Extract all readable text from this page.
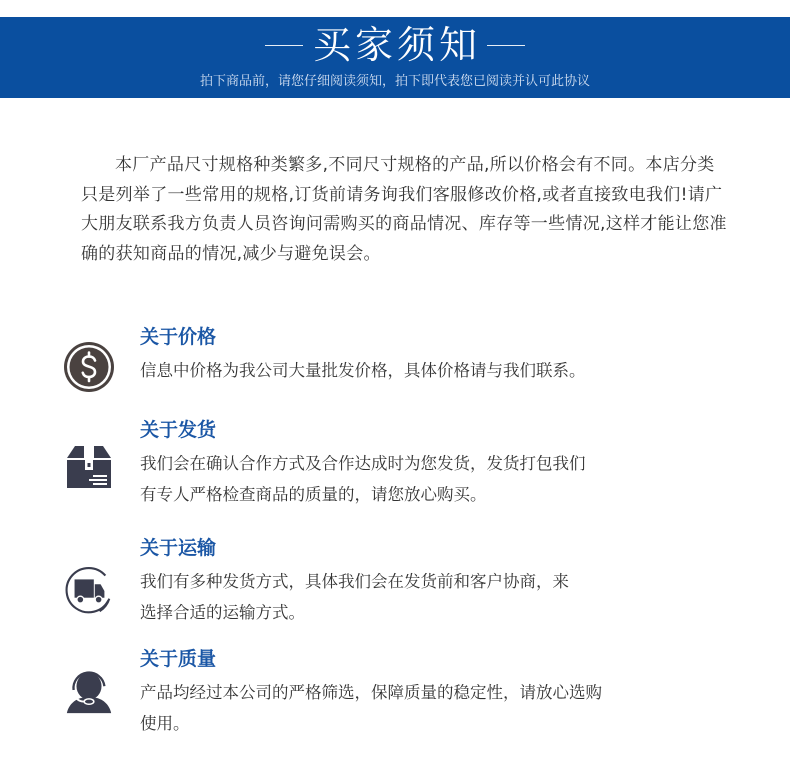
买家须知
拍下商品前，请您仔细阅读须知，拍下即代表您已阅读并认可此协议
本厂产品尺寸规格种类繁多,不同尺寸规格的产品,所以价格会有不同。本店分类只是列举了一些常用的规格,订货前请务询我们客服修改价格,或者直接致电我们!请广大朋友联系我方负责人员咨询问需购买的商品情况、库存等一些情况,这样才能让您准确的获知商品的情况,减少与避免误会。
关于价格
信息中价格为我公司大量批发价格，具体价格请与我们联系。
关于发货
我们会在确认合作方式及合作达成时为您发货，发货打包我们
有专人严格检查商品的质量的，请您放心购买。
关于运输
我们有多种发货方式，具体我们会在发货前和客户协商，来
选择合适的运输方式。
关于质量
产品均经过本公司的严格筛选，保障质量的稳定性，请放心选购
使用。
